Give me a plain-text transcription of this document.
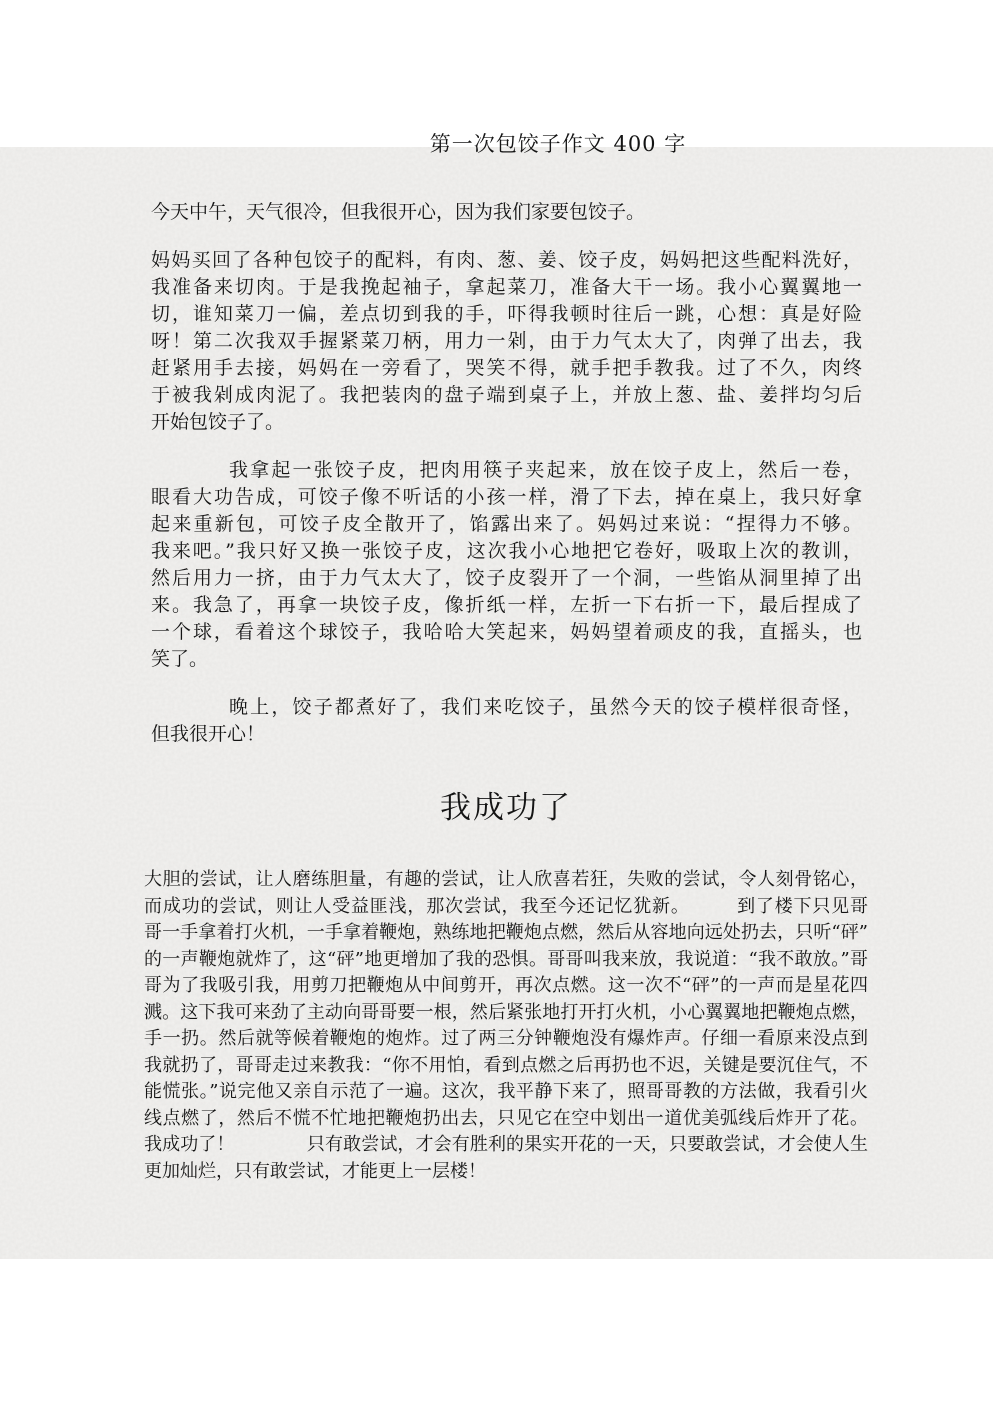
第一次包饺子作文 400 字
今天中午，天气很冷，但我很开心，因为我们家要包饺子。
妈妈买回了各种包饺子的配料，有肉、葱、姜、饺子皮，妈妈把这些配料洗好，
我准备来切肉。于是我挽起袖子，拿起菜刀，准备大干一场。我小心翼翼地一
切，谁知菜刀一偏，差点切到我的手，吓得我顿时往后一跳，心想：真是好险
呀！第二次我双手握紧菜刀柄，用力一剁，由于力气太大了，肉弹了出去，我
赶紧用手去接，妈妈在一旁看了，哭笑不得，就手把手教我。过了不久，肉终
于被我剁成肉泥了。我把装肉的盘子端到桌子上，并放上葱、盐、姜拌均匀后
开始包饺子了。
我拿起一张饺子皮，把肉用筷子夹起来，放在饺子皮上，然后一卷，
眼看大功告成，可饺子像不听话的小孩一样，滑了下去，掉在桌上，我只好拿
起来重新包，可饺子皮全散开了，馅露出来了。妈妈过来说：“捏得力不够。
我来吧。”我只好又换一张饺子皮，这次我小心地把它卷好，吸取上次的教训，
然后用力一挤，由于力气太大了，饺子皮裂开了一个洞，一些馅从洞里掉了出
来。我急了，再拿一块饺子皮，像折纸一样，左折一下右折一下，最后捏成了
一个球，看着这个球饺子，我哈哈大笑起来，妈妈望着顽皮的我，直摇头，也
笑了。
晚上，饺子都煮好了，我们来吃饺子，虽然今天的饺子模样很奇怪，
但我很开心！
我成功了
大胆的尝试，让人磨练胆量，有趣的尝试，让人欣喜若狂，失败的尝试，令人刻骨铭心，
而成功的尝试，则让人受益匪浅，那次尝试，我至今还记忆犹新。　　　到了楼下只见哥
哥一手拿着打火机，一手拿着鞭炮，熟练地把鞭炮点燃，然后从容地向远处扔去，只听“砰”
的一声鞭炮就炸了，这“砰”地更增加了我的恐惧。哥哥叫我来放，我说道：“我不敢放。”哥
哥为了我吸引我，用剪刀把鞭炮从中间剪开，再次点燃。这一次不“砰”的一声而是星花四
溅。这下我可来劲了主动向哥哥要一根，然后紧张地打开打火机，小心翼翼地把鞭炮点燃，
手一扔。然后就等候着鞭炮的炮炸。过了两三分钟鞭炮没有爆炸声。仔细一看原来没点到
我就扔了，哥哥走过来教我：“你不用怕，看到点燃之后再扔也不迟，关键是要沉住气，不
能慌张。”说完他又亲自示范了一遍。这次，我平静下来了，照哥哥教的方法做，我看引火
线点燃了，然后不慌不忙地把鞭炮扔出去，只见它在空中划出一道优美弧线后炸开了花。
我成功了！　　　　只有敢尝试，才会有胜利的果实开花的一天，只要敢尝试，才会使人生
更加灿烂，只有敢尝试，才能更上一层楼！
